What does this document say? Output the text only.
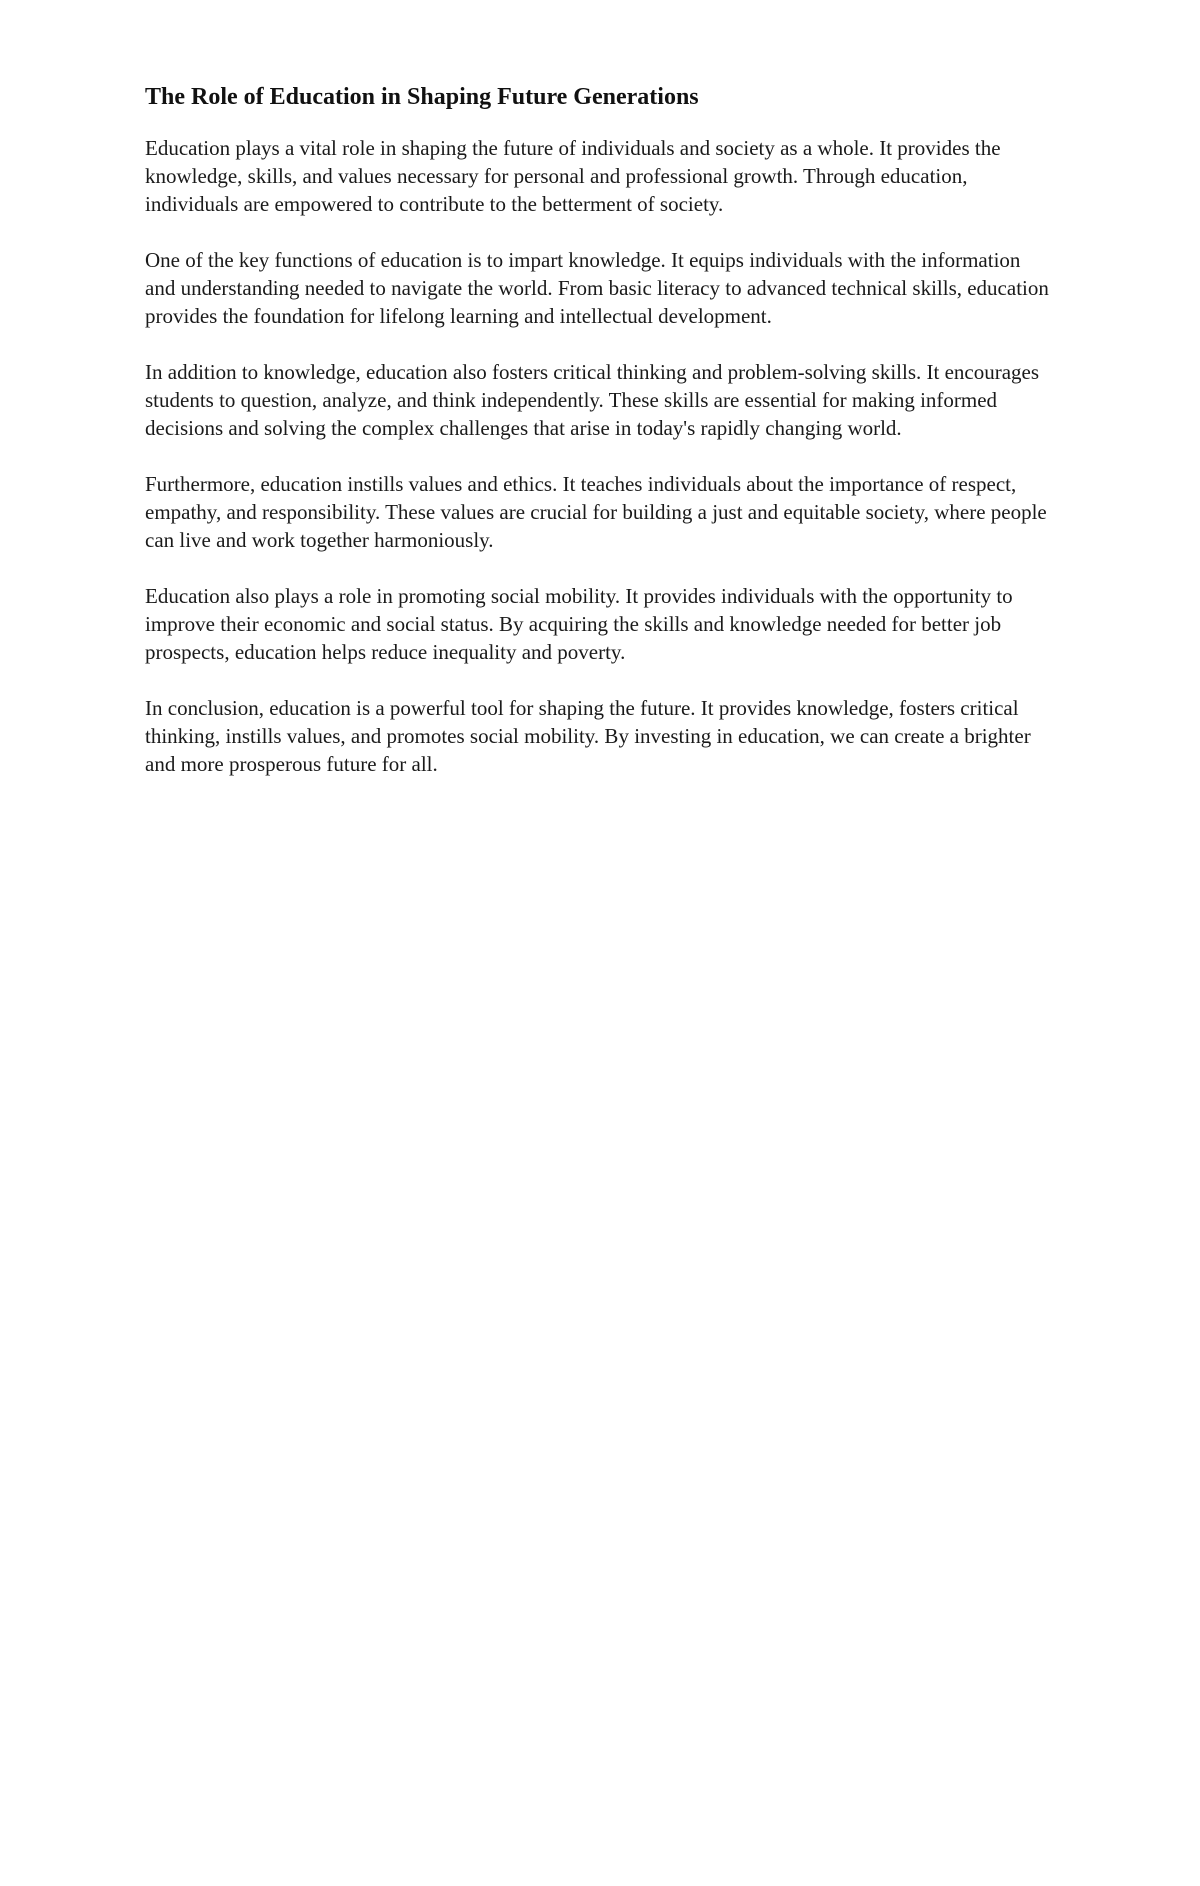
The Role of Education in Shaping Future Generations

Education plays a vital role in shaping the future of individuals and society as a whole. It provides the knowledge, skills, and values necessary for personal and professional growth. Through education, individuals are empowered to contribute to the betterment of society.

One of the key functions of education is to impart knowledge. It equips individuals with the information and understanding needed to navigate the world. From basic literacy to advanced technical skills, education provides the foundation for lifelong learning and intellectual development.

In addition to knowledge, education also fosters critical thinking and problem-solving skills. It encourages students to question, analyze, and think independently. These skills are essential for making informed decisions and solving the complex challenges that arise in today's rapidly changing world.

Furthermore, education instills values and ethics. It teaches individuals about the importance of respect, empathy, and responsibility. These values are crucial for building a just and equitable society, where people can live and work together harmoniously.

Education also plays a role in promoting social mobility. It provides individuals with the opportunity to improve their economic and social status. By acquiring the skills and knowledge needed for better job prospects, education helps reduce inequality and poverty.

In conclusion, education is a powerful tool for shaping the future. It provides knowledge, fosters critical thinking, instills values, and promotes social mobility. By investing in education, we can create a brighter and more prosperous future for all.
